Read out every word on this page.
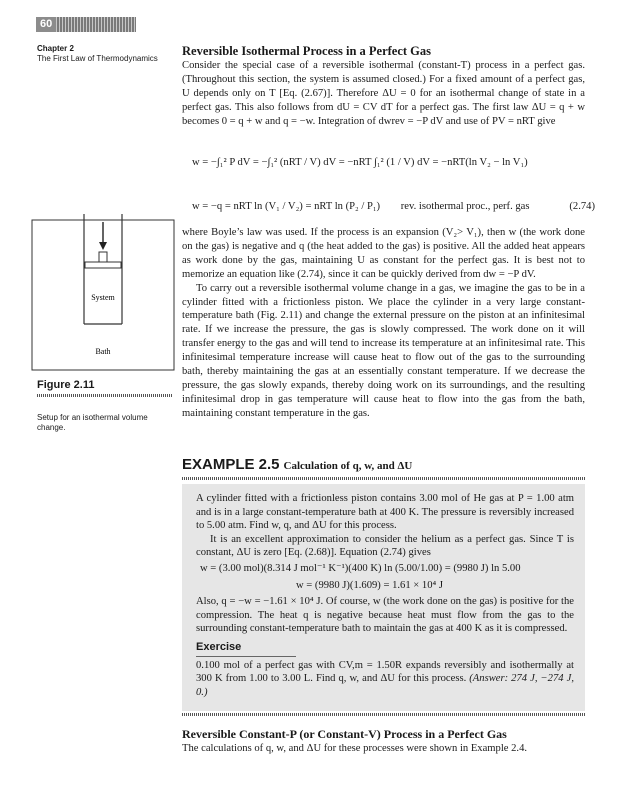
60
Chapter 2
The First Law of Thermodynamics
Reversible Isothermal Process in a Perfect Gas

Consider the special case of a reversible isothermal (constant-T) process in a perfect gas. (Throughout this section, the system is assumed closed.) For a fixed amount of a perfect gas, U depends only on T [Eq. (2.67)]. Therefore ΔU = 0 for an isothermal change of state in a perfect gas. This also follows from dU = CV dT for a perfect gas. The first law ΔU = q + w becomes 0 = q + w and q = −w. Integration of dwrev = −P dV and use of PV = nRT give

w = −∫₁² P dV = −∫₁² (nRT / V) dV = −nRT ∫₁² (1 / V) dV = −nRT(ln V₂ − ln V₁)
w = −q = nRT ln (V₁ / V₂) = nRT ln (P₂ / P₁) rev. isothermal proc., perf. gas	(2.74)

where Boyle’s law was used. If the process is an expansion (V₂> V₁), then w (the work done on the gas) is negative and q (the heat added to the gas) is positive. All the added heat appears as work done by the gas, maintaining U as constant for the perfect gas. It is best not to memorize an equation like (2.74), since it can be quickly derived from dw = −P dV.

To carry out a reversible isothermal volume change in a gas, we imagine the gas to be in a cylinder fitted with a frictionless piston. We place the cylinder in a very large constant-temperature bath (Fig. 2.11) and change the external pressure on the piston at an infinitesimal rate. If we increase the pressure, the gas is slowly compressed. The work done on it will transfer energy to the gas and will tend to increase its temperature at an infinitesimal rate. This infinitesimal temperature increase will cause heat to flow out of the gas to the surrounding bath, thereby maintaining the gas at an essentially constant temperature. If we decrease the pressure, the gas slowly expands, thereby doing work on its surroundings, and the resulting infinitesimal drop in gas temperature will cause heat to flow into the gas from the bath, maintaining constant temperature in the gas.

System
Bath
Figure 2.11
Setup for an isothermal volume change.
EXAMPLE 2.5 Calculation of q, w, and ΔU

A cylinder fitted with a frictionless piston contains 3.00 mol of He gas at P = 1.00 atm and is in a large constant-temperature bath at 400 K. The pressure is reversibly increased to 5.00 atm. Find w, q, and ΔU for this process.

It is an excellent approximation to consider the helium as a perfect gas. Since T is constant, ΔU is zero [Eq. (2.68)]. Equation (2.74) gives

w = (3.00 mol)(8.314 J mol⁻¹ K⁻¹)(400 K) ln (5.00/1.00) = (9980 J) ln 5.00

w = (9980 J)(1.609) = 1.61 × 10⁴ J

Also, q = −w = −1.61 × 10⁴ J. Of course, w (the work done on the gas) is positive for the compression. The heat q is negative because heat must flow from the gas to the surrounding constant-temperature bath to maintain the gas at 400 K as it is compressed.

Exercise

0.100 mol of a perfect gas with CV,m = 1.50R expands reversibly and isothermally at 300 K from 1.00 to 3.00 L. Find q, w, and ΔU for this process. (Answer: 274 J, −274 J, 0.)

Reversible Constant-P (or Constant-V) Process in a Perfect Gas

The calculations of q, w, and ΔU for these processes were shown in Example 2.4.
